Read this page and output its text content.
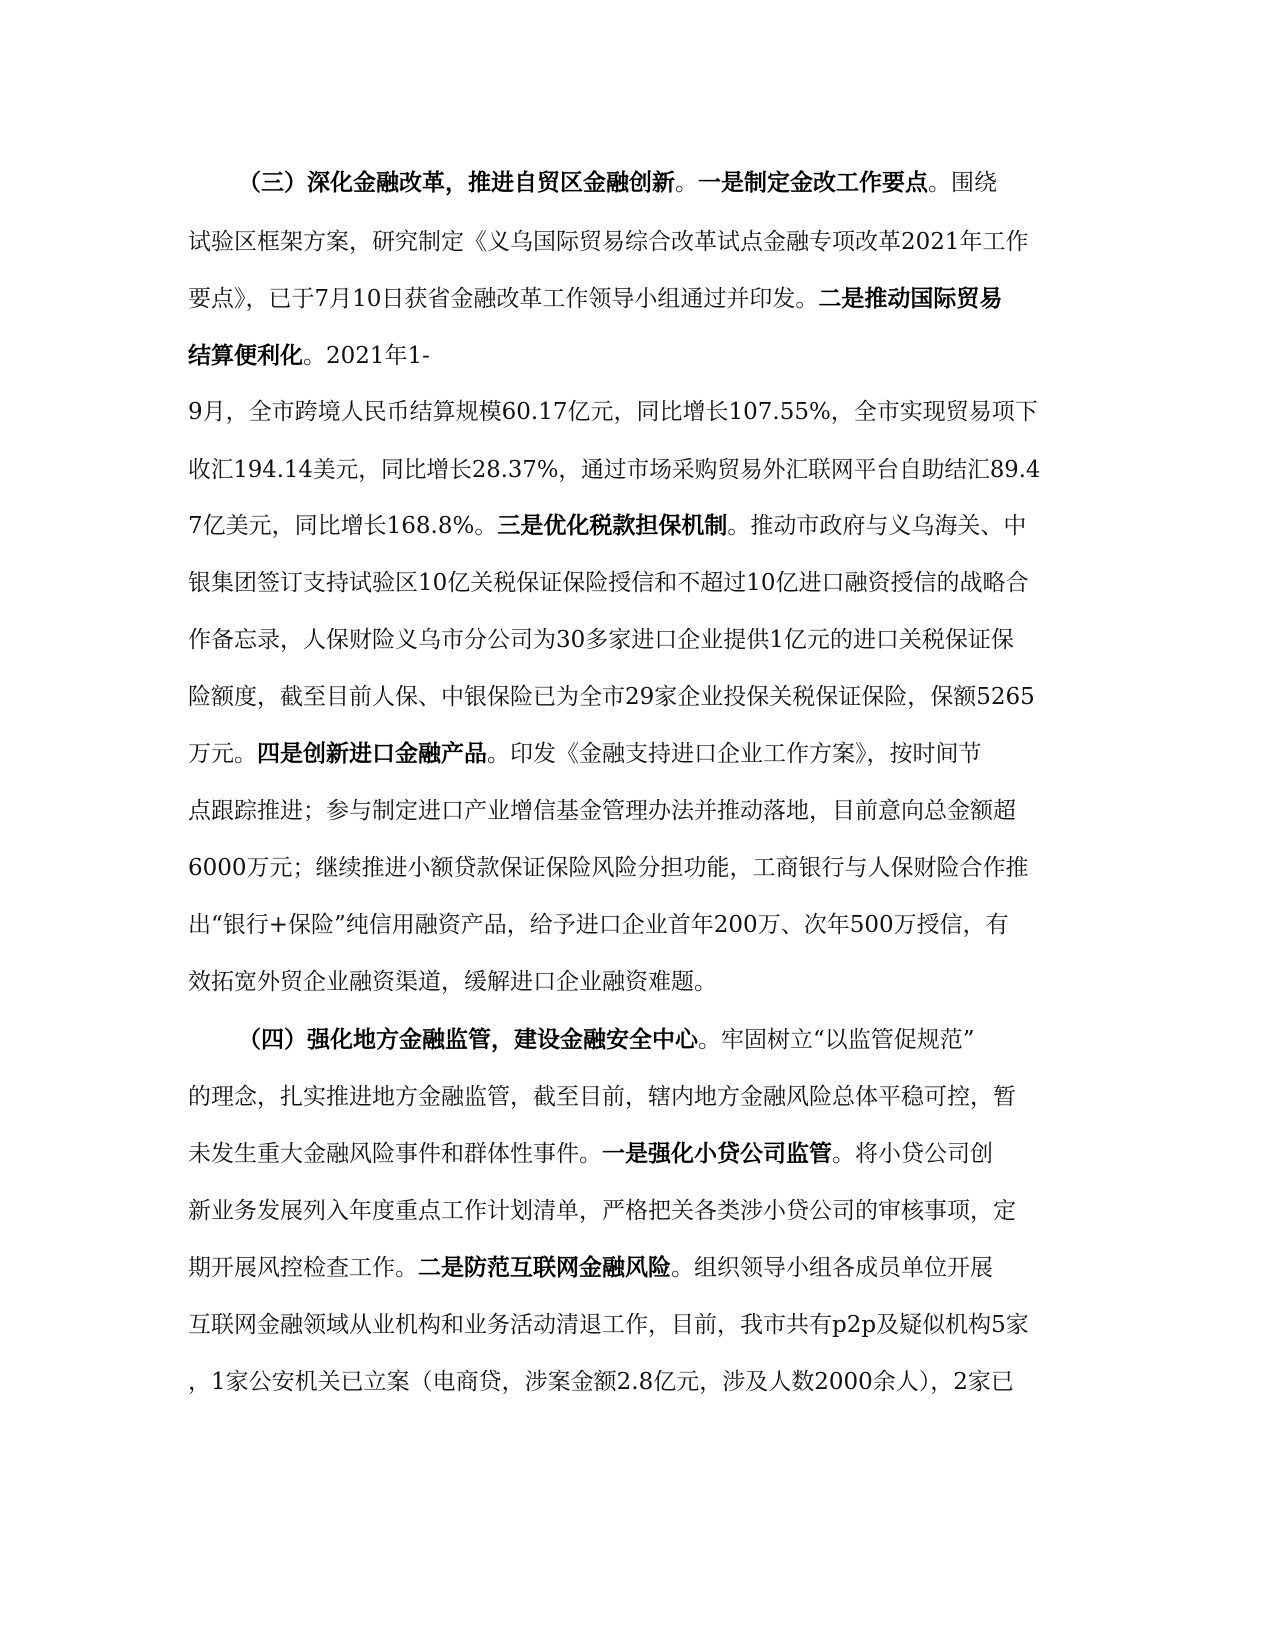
（三）深化金融改革，推进自贸区金融创新。一是制定金改工作要点。围绕
试验区框架方案，研究制定《义乌国际贸易综合改革试点金融专项改革2021年工作
要点》，已于7月10日获省金融改革工作领导小组通过并印发。二是推动国际贸易
结算便利化。2021年1-
9月，全市跨境人民币结算规模60.17亿元，同比增长107.55%，全市实现贸易项下
收汇194.14美元，同比增长28.37%，通过市场采购贸易外汇联网平台自助结汇89.4
7亿美元，同比增长168.8%。三是优化税款担保机制。推动市政府与义乌海关、中
银集团签订支持试验区10亿关税保证保险授信和不超过10亿进口融资授信的战略合
作备忘录，人保财险义乌市分公司为30多家进口企业提供1亿元的进口关税保证保
险额度，截至目前人保、中银保险已为全市29家企业投保关税保证保险，保额5265
万元。四是创新进口金融产品。印发《金融支持进口企业工作方案》，按时间节
点跟踪推进；参与制定进口产业增信基金管理办法并推动落地，目前意向总金额超
6000万元；继续推进小额贷款保证保险风险分担功能，工商银行与人保财险合作推
出“银行+保险”纯信用融资产品，给予进口企业首年200万、次年500万授信，有
效拓宽外贸企业融资渠道，缓解进口企业融资难题。
（四）强化地方金融监管，建设金融安全中心。牢固树立“以监管促规范”
的理念，扎实推进地方金融监管，截至目前，辖内地方金融风险总体平稳可控，暂
未发生重大金融风险事件和群体性事件。一是强化小贷公司监管。将小贷公司创
新业务发展列入年度重点工作计划清单，严格把关各类涉小贷公司的审核事项，定
期开展风控检查工作。二是防范互联网金融风险。组织领导小组各成员单位开展
互联网金融领域从业机构和业务活动清退工作，目前，我市共有p2p及疑似机构5家
，1家公安机关已立案（电商贷，涉案金额2.8亿元，涉及人数2000余人），2家已
